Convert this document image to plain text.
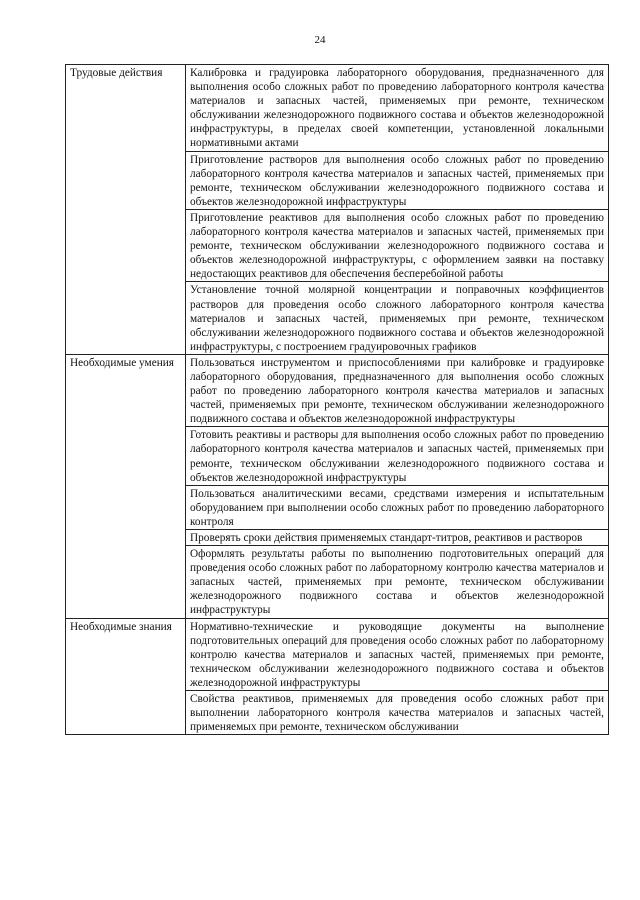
24
Трудовые действия	Калибровка и градуировка лабораторного оборудования, предназначенного для выполнения особо сложных работ по проведению лабораторного контроля качества материалов и запасных частей, применяемых при ремонте, техническом обслуживании железнодорожного подвижного состава и объектов железнодорожной инфраструктуры, в пределах своей компетенции, установленной локальными нормативными актами
	Приготовление растворов для выполнения особо сложных работ по проведению лабораторного контроля качества материалов и запасных частей, применяемых при ремонте, техническом обслуживании железнодорожного подвижного состава и объектов железнодорожной инфраструктуры
	Приготовление реактивов для выполнения особо сложных работ по проведению лабораторного контроля качества материалов и запасных частей, применяемых при ремонте, техническом обслуживании железнодорожного подвижного состава и объектов железнодорожной инфраструктуры, с оформлением заявки на поставку недостающих реактивов для обеспечения бесперебойной работы
	Установление точной молярной концентрации и поправочных коэффициентов растворов для проведения особо сложного лабораторного контроля качества материалов и запасных частей, применяемых при ремонте, техническом обслуживании железнодорожного подвижного состава и объектов железнодорожной инфраструктуры, с построением градуировочных графиков
Необходимые умения	Пользоваться инструментом и приспособлениями при калибровке и градуировке лабораторного оборудования, предназначенного для выполнения особо сложных работ по проведению лабораторного контроля качества материалов и запасных частей, применяемых при ремонте, техническом обслуживании железнодорожного подвижного состава и объектов железнодорожной инфраструктуры
	Готовить реактивы и растворы для выполнения особо сложных работ по проведению лабораторного контроля качества материалов и запасных частей, применяемых при ремонте, техническом обслуживании железнодорожного подвижного состава и объектов железнодорожной инфраструктуры
	Пользоваться аналитическими весами, средствами измерения и испытательным оборудованием при выполнении особо сложных работ по проведению лабораторного контроля
	Проверять сроки действия применяемых стандарт-титров, реактивов и растворов
	Оформлять результаты работы по выполнению подготовительных операций для проведения особо сложных работ по лабораторному контролю качества материалов и запасных частей, применяемых при ремонте, техническом обслуживании железнодорожного подвижного состава и объектов железнодорожной инфраструктуры
Необходимые знания	Нормативно-технические и руководящие документы на выполнение подготовительных операций для проведения особо сложных работ по лабораторному контролю качества материалов и запасных частей, применяемых при ремонте, техническом обслуживании железнодорожного подвижного состава и объектов железнодорожной инфраструктуры
	Свойства реактивов, применяемых для проведения особо сложных работ при выполнении лабораторного контроля качества материалов и запасных частей, применяемых при ремонте, техническом обслуживании
